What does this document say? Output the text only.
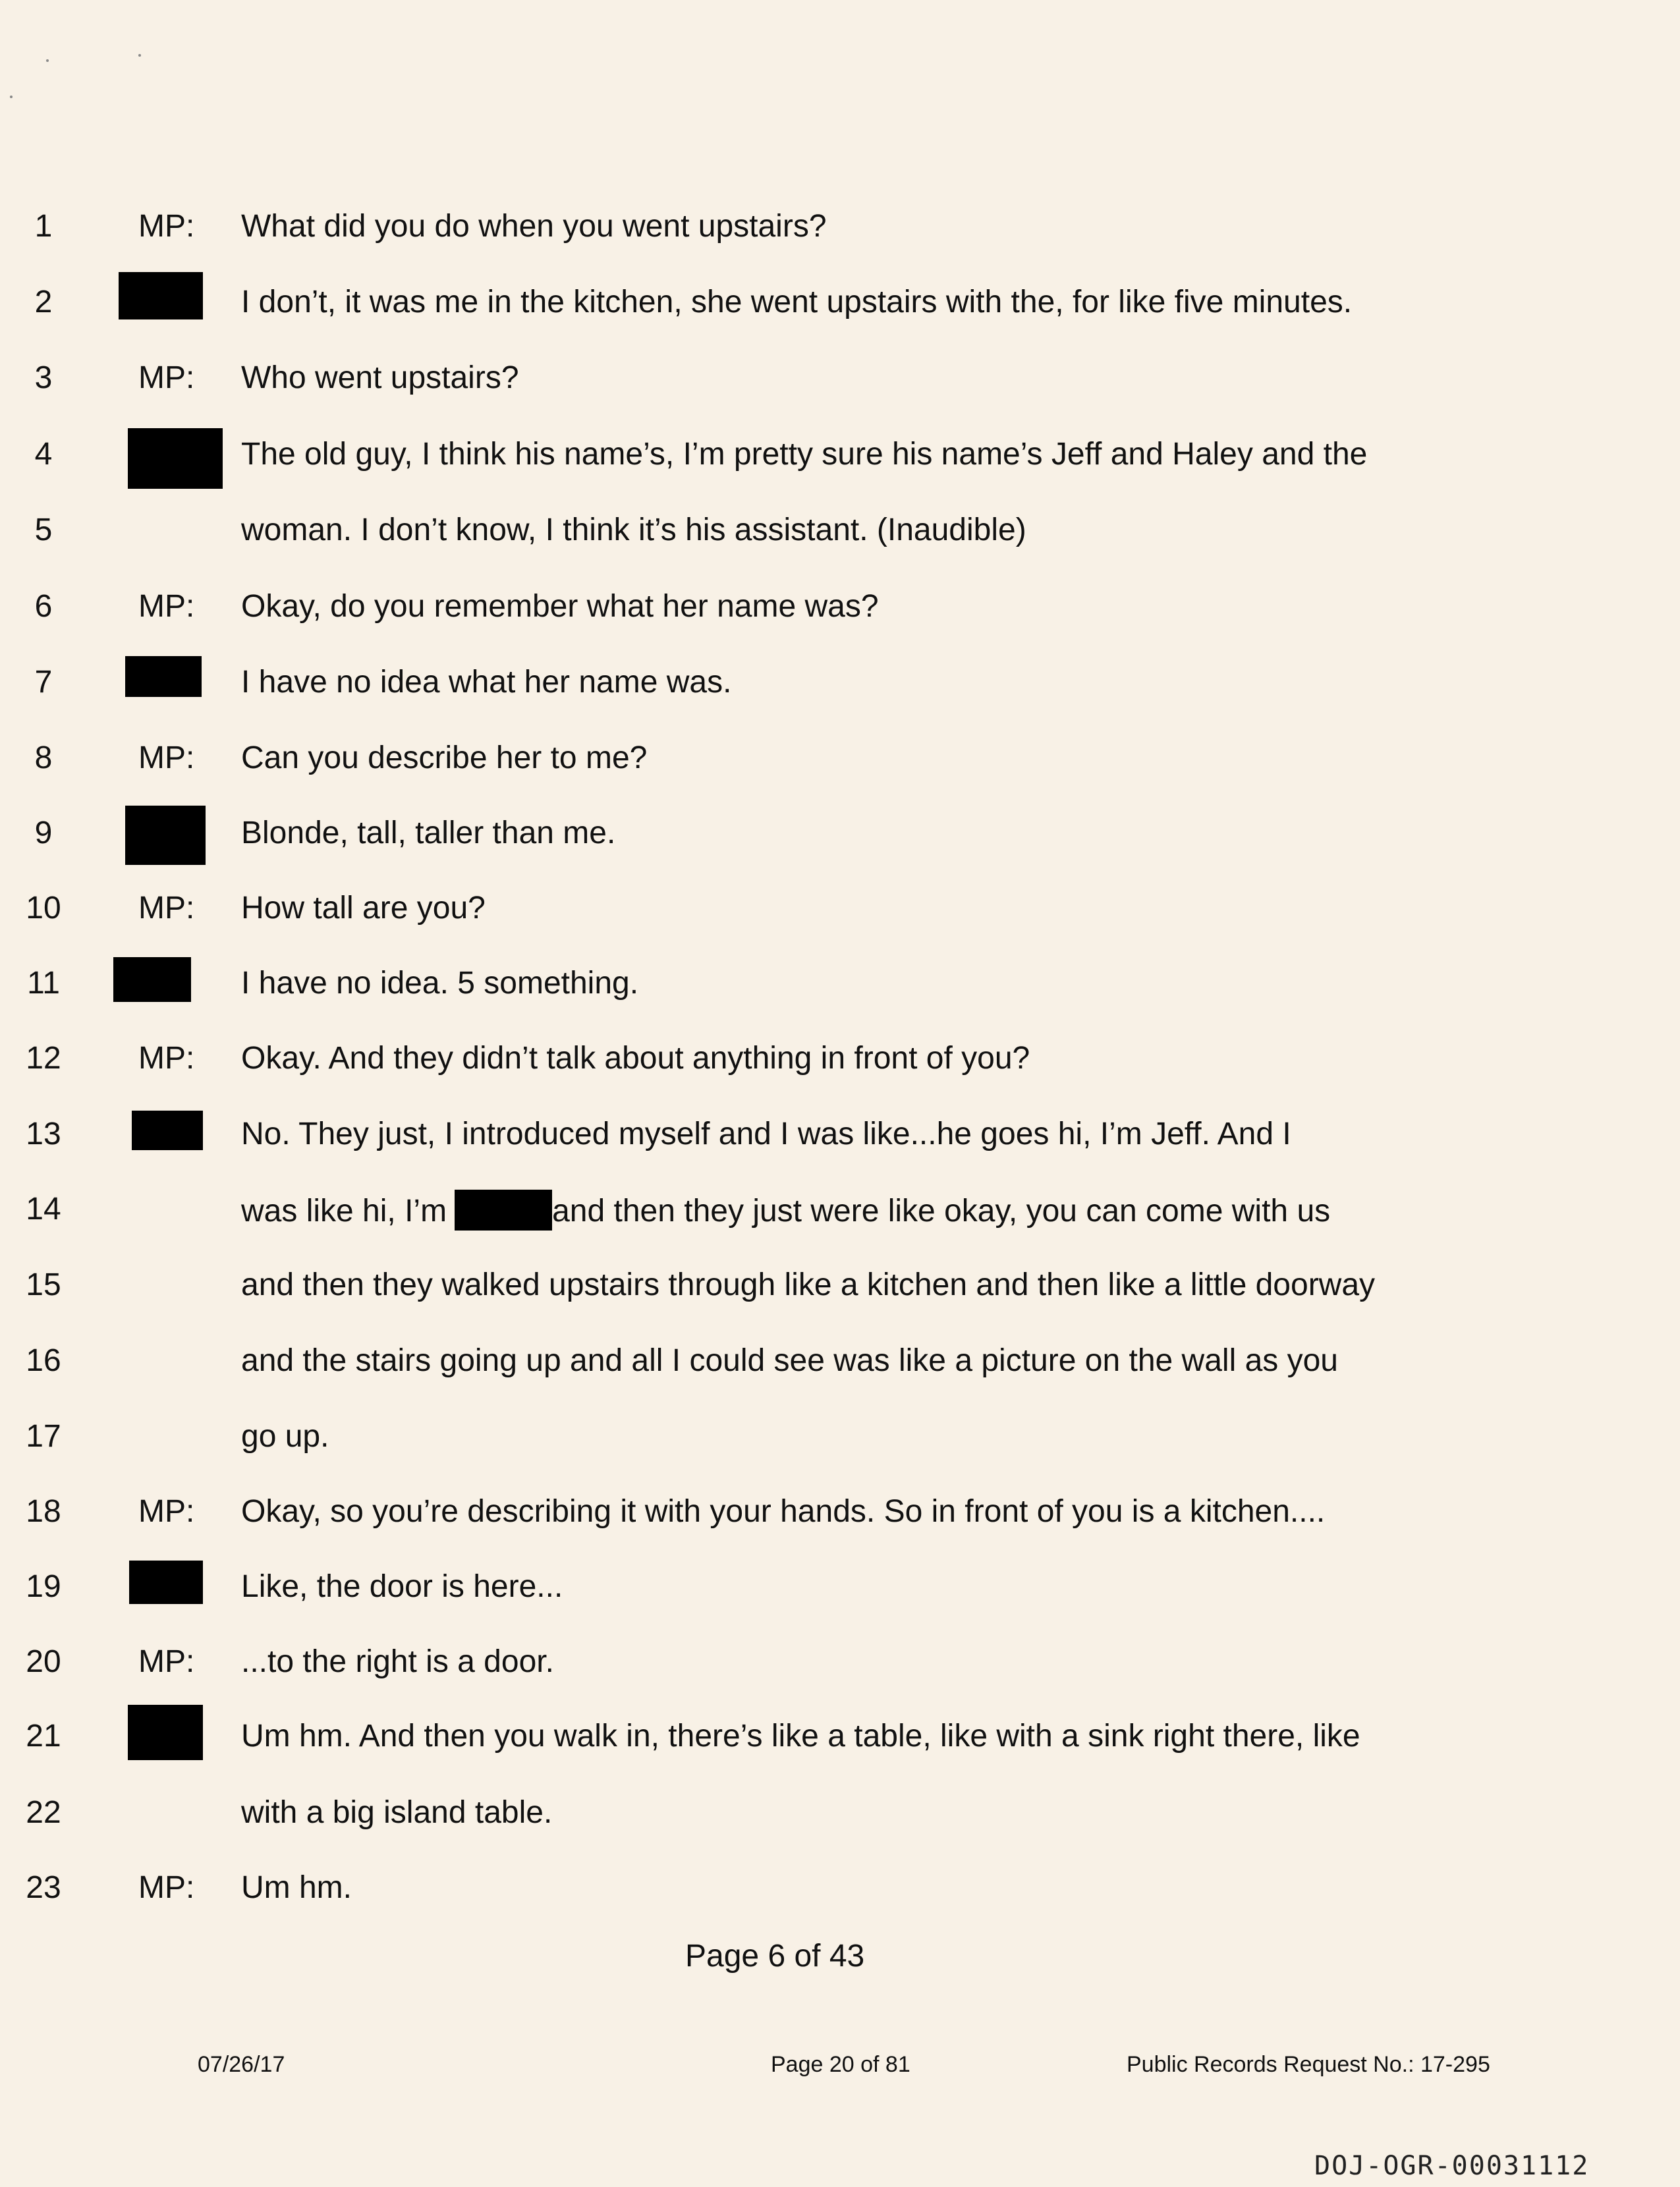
1	MP: What did you do when you went upstairs?
2	I don’t, it was me in the kitchen, she went upstairs with the, for like five minutes.
3	MP: Who went upstairs?
4	The old guy, I think his name’s, I’m pretty sure his name’s Jeff and Haley and the
5	woman. I don’t know, I think it’s his assistant. (Inaudible)
6	MP: Okay, do you remember what her name was?
7	I have no idea what her name was.
8	MP: Can you describe her to me?
9	Blonde, tall, taller than me.
10	MP: How tall are you?
11	I have no idea. 5 something.
12	MP: Okay. And they didn’t talk about anything in front of you?
13	No. They just, I introduced myself and I was like...he goes hi, I’m Jeff. And I
14	was like hi, I’m	and then they just were like okay, you can come with us
15	and then they walked upstairs through like a kitchen and then like a little doorway
16	and the stairs going up and all I could see was like a picture on the wall as you
17	go up.
18	MP: Okay, so you’re describing it with your hands. So in front of you is a kitchen....
19	Like, the door is here...
20	MP: ...to the right is a door.
21	Um hm. And then you walk in, there’s like a table, like with a sink right there, like
22	with a big island table.
23	MP: Um hm.
Page 6 of 43
07/26/17	Page 20 of 81	Public Records Request No.: 17-295
DOJ-OGR-00031112
